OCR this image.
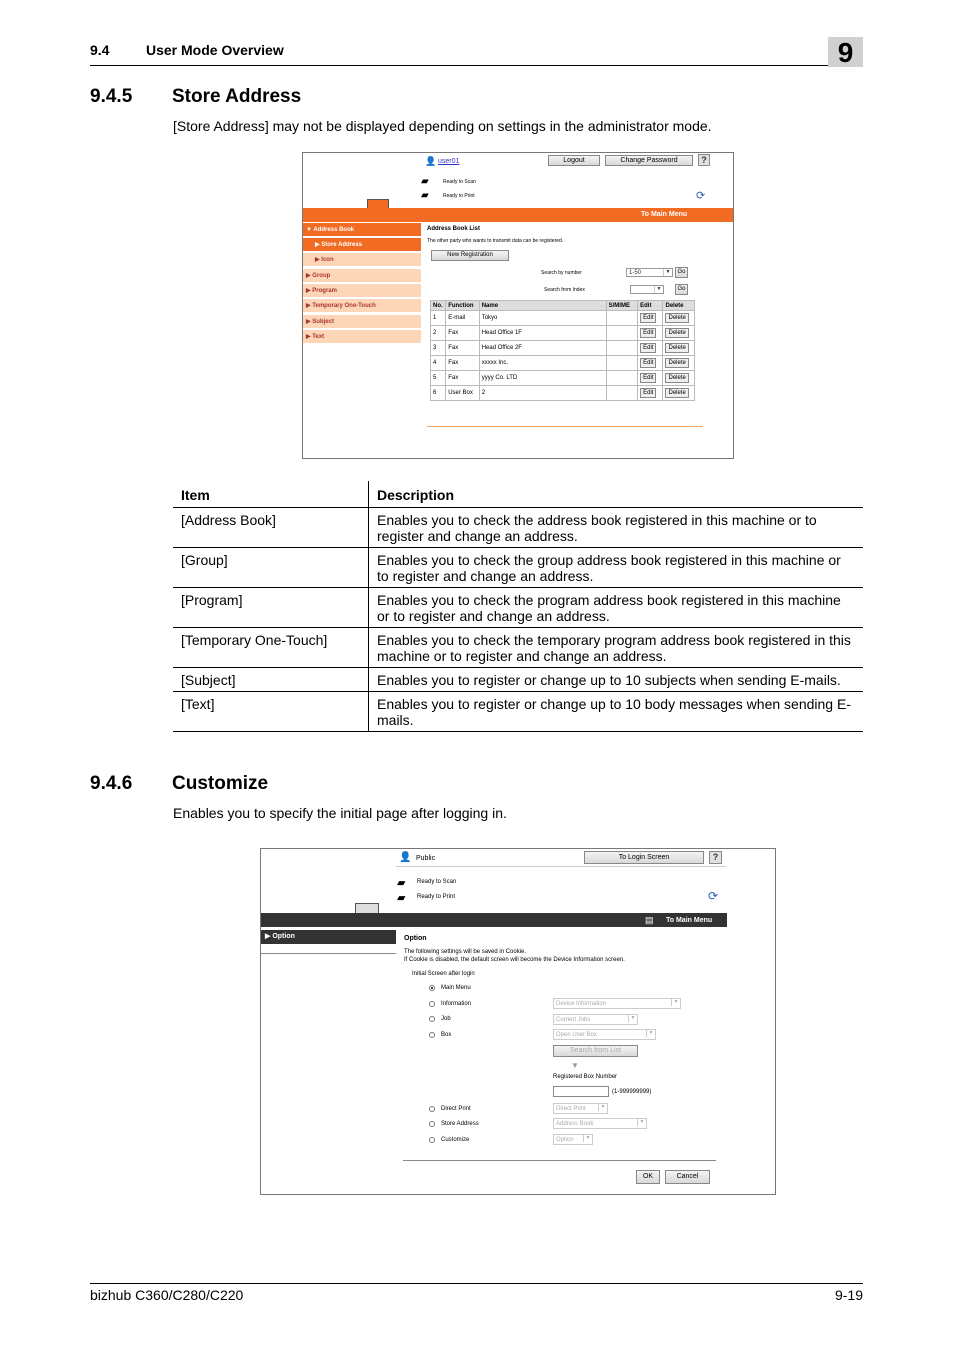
9.4	User Mode Overview	9
9.4.5 Store Address
[Store Address] may not be displayed depending on settings in the administrator mode.
👤 user01	Logout	Change Password	?
▰	Ready to Scan
▰	Ready to Print	⟳
To Main Menu
▼ Address Book
▶ Store Address
▶ Icon
▶ Group
▶ Program
▶ Temporary One-Touch
▶ Subject
▶ Text
Address Book List
The other party who wants to transmit data can be registered.
New Registration
Search by number	1-50	▼	Go
Search from Index	▼	Go
No.	Function	Name	S/MIME	Edit	Delete
1	E-mail	Tokyo		Edit	Delete
2	Fax	Head Office 1F		Edit	Delete
3	Fax	Head Office 2F		Edit	Delete
4	Fax	xxxxx Inc.		Edit	Delete
5	Fax	yyyy Co. LTD		Edit	Delete
6	User Box	2		Edit	Delete
Item	Description
[Address Book]	Enables you to check the address book registered in this machine or to register and change an address.
[Group]	Enables you to check the group address book registered in this machine or to register and change an address.
[Program]	Enables you to check the program address book registered in this machine or to register and change an address.
[Temporary One-Touch]	Enables you to check the temporary program address book registered in this machine or to register and change an address.
[Subject]	Enables you to register or change up to 10 subjects when sending E-mails.
[Text]	Enables you to register or change up to 10 body messages when sending E-mails.
9.4.6 Customize
Enables you to specify the initial page after logging in.
👤 Public	To Login Screen	?
▰ Ready to Scan
▰ Ready to Print	⟳
▤ To Main Menu
▶ Option	Option
The following settings will be saved in Cookie.
If Cookie is disabled, the default screen will become the Device Information screen.
Initial Screen after login
Main Menu
Information	Device Information	▼
Job	Current Jobs	▼
Box	Open User Box	▼
Search from List
▼
Registered Box Number
(1-999999999)
Direct Print	Direct Print	▼
Store Address	Address Book	▼
Customize	Option	▼
OK	Cancel
bizhub C360/C280/C220	9-19
